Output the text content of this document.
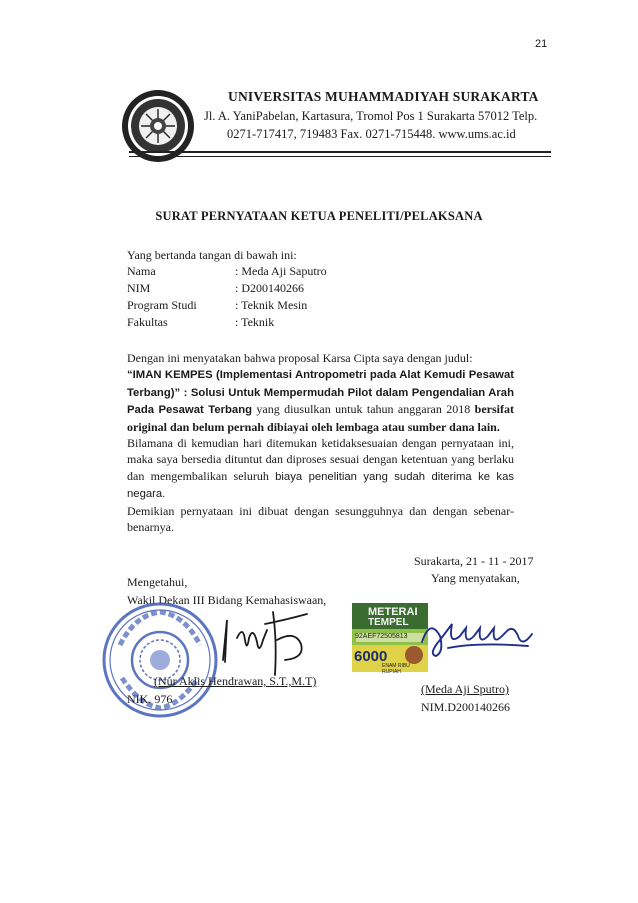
21
UNIVERSITAS MUHAMMADIYAH SURAKARTA
Jl. A. YaniPabelan, Kartasura, Tromol Pos 1 Surakarta 57012 Telp.
0271-717417, 719483 Fax. 0271-715448. www.ums.ac.id
SURAT PERNYATAAN KETUA PENELITI/PELAKSANA
Yang bertanda tangan di bawah ini:
Nama	: Meda Aji Saputro
NIM	: D200140266
Program Studi	: Teknik Mesin
Fakultas	: Teknik

Dengan ini menyatakan bahwa proposal Karsa Cipta saya dengan judul:

“IMAN KEMPES (Implementasi Antropometri pada Alat Kemudi Pesawat Terbang)” : Solusi Untuk Mempermudah Pilot dalam Pengendalian Arah Pada Pesawat Terbang yang diusulkan untuk tahun anggaran 2018 bersifat original dan belum pernah dibiayai oleh lembaga atau sumber dana lain.

Bilamana di kemudian hari ditemukan ketidaksesuaian dengan pernyataan ini, maka saya bersedia dituntut dan diproses sesuai dengan ketentuan yang berlaku dan mengembalikan seluruh biaya penelitian yang sudah diterima ke kas negara.

Demikian pernyataan ini dibuat dengan sesungguhnya dan dengan sebenar-benarnya.

Surakarta, 21 - 11 - 2017
Yang menyatakan,
Mengetahui,
Wakil Dekan III Bidang Kemahasiswaan,
(Nur Aklis Hendrawan, S.T.,M.T)
NIK. 976
METERAI
TEMPEL
92AEF72505813
6000
ENAM RIBU RUPIAH
(Meda Aji Sputro)
NIM.D200140266
